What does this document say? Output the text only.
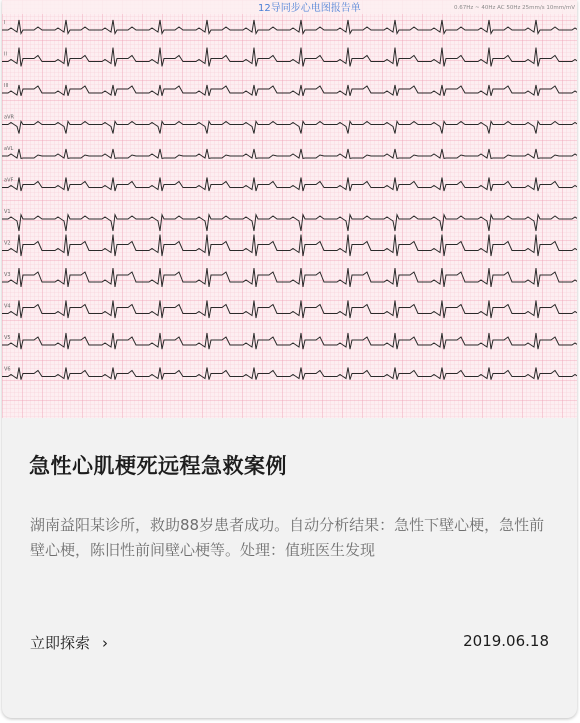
12导同步心电图报告单	0.67Hz ~ 40Hz AC 50Hz 25mm/s 10mm/mV
I
II
III
aVR
aVL
aVF
V1
V2
V3
V4
V5
V6
急性心肌梗死远程急救案例

湖南益阳某诊所，救助88岁患者成功。自动分析结果：急性下壁心梗，急性前壁心梗，陈旧性前间壁心梗等。处理：值班医生发现

立即探索 ›	2019.06.18
